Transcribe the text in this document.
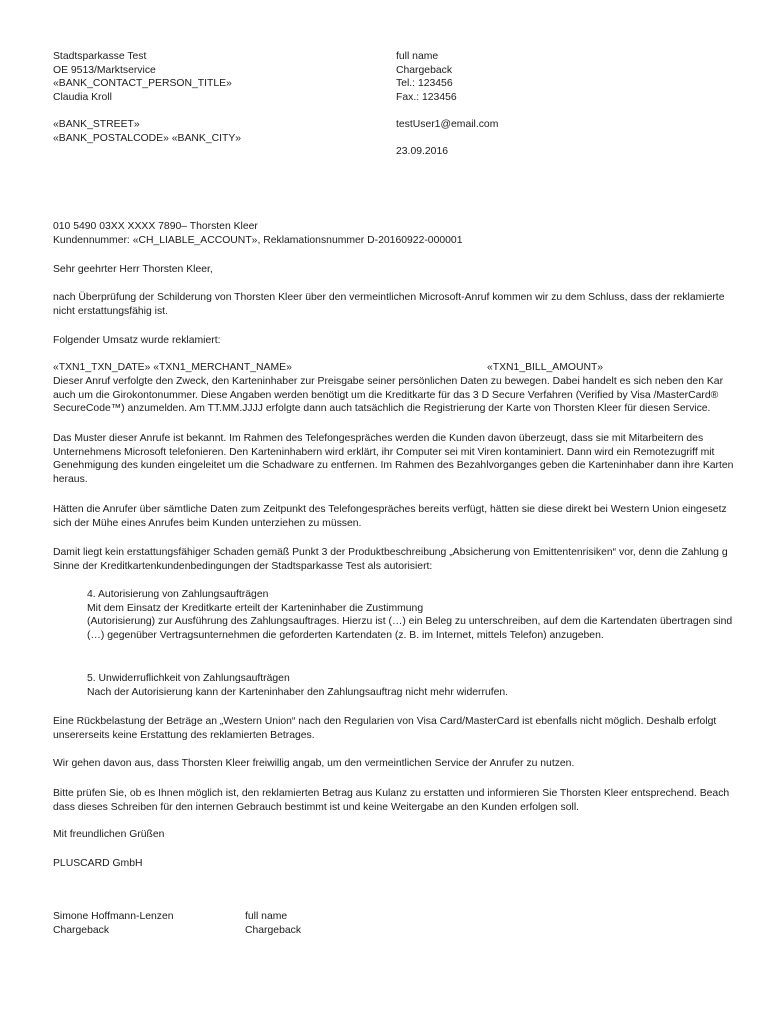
Stadtsparkasse Test
OE 9513/Marktservice
«BANK_CONTACT_PERSON_TITLE»
Claudia Kroll
«BANK_STREET»
«BANK_POSTALCODE» «BANK_CITY»
full name
Chargeback
Tel.: 123456
Fax.: 123456
testUser1@email.com
23.09.2016
010 5490 03XX XXXX 7890– Thorsten Kleer
Kundennummer: «CH_LIABLE_ACCOUNT», Reklamationsnummer D-20160922-000001
Sehr geehrter Herr Thorsten Kleer,
nach Überprüfung der Schilderung von Thorsten Kleer über den vermeintlichen Microsoft-Anruf kommen wir zu dem Schluss, dass der reklamierte
nicht erstattungsfähig ist.
Folgender Umsatz wurde reklamiert:
«TXN1_TXN_DATE» «TXN1_MERCHANT_NAME»	«TXN1_BILL_AMOUNT»
Dieser Anruf verfolgte den Zweck, den Karteninhaber zur Preisgabe seiner persönlichen Daten zu bewegen. Dabei handelt es sich neben den Kar
auch um die Girokontonummer. Diese Angaben werden benötigt um die Kreditkarte für das 3 D Secure Verfahren (Verified by Visa /MasterCard®
SecureCode™) anzumelden. Am TT.MM.JJJJ erfolgte dann auch tatsächlich die Registrierung der Karte von Thorsten Kleer für diesen Service.
Das Muster dieser Anrufe ist bekannt. Im Rahmen des Telefongespräches werden die Kunden davon überzeugt, dass sie mit Mitarbeitern des
Unternehmens Microsoft telefonieren. Den Karteninhabern wird erklärt, ihr Computer sei mit Viren kontaminiert. Dann wird ein Remotezugriff mit
Genehmigung des kunden eingeleitet um die Schadware zu entfernen. Im Rahmen des Bezahlvorganges geben die Karteninhaber dann ihre Karten
heraus.
Hätten die Anrufer über sämtliche Daten zum Zeitpunkt des Telefongespräches bereits verfügt, hätten sie diese direkt bei Western Union eingesetz
sich der Mühe eines Anrufes beim Kunden unterziehen zu müssen.
Damit liegt kein erstattungsfähiger Schaden gemäß Punkt 3 der Produktbeschreibung „Absicherung von Emittentenrisiken“ vor, denn die Zahlung g
Sinne der Kreditkartenkundenbedingungen der Stadtsparkasse Test als autorisiert:
4. Autorisierung von Zahlungsaufträgen
Mit dem Einsatz der Kreditkarte erteilt der Karteninhaber die Zustimmung
(Autorisierung) zur Ausführung des Zahlungsauftrages. Hierzu ist (…) ein Beleg zu unterschreiben, auf dem die Kartendaten übertragen sind
(…) gegenüber Vertragsunternehmen die geforderten Kartendaten (z. B. im Internet, mittels Telefon) anzugeben.
5. Unwiderruflichkeit von Zahlungsaufträgen
Nach der Autorisierung kann der Karteninhaber den Zahlungsauftrag nicht mehr widerrufen.
Eine Rückbelastung der Beträge an „Western Union“ nach den Regularien von Visa Card/MasterCard ist ebenfalls nicht möglich. Deshalb erfolgt
unsererseits keine Erstattung des reklamierten Betrages.
Wir gehen davon aus, dass Thorsten Kleer freiwillig angab, um den vermeintlichen Service der Anrufer zu nutzen.
Bitte prüfen Sie, ob es Ihnen möglich ist, den reklamierten Betrag aus Kulanz zu erstatten und informieren Sie Thorsten Kleer entsprechend. Beach
dass dieses Schreiben für den internen Gebrauch bestimmt ist und keine Weitergabe an den Kunden erfolgen soll.
Mit freundlichen Grüßen
PLUSCARD GmbH
Simone Hoffmann-Lenzen
Chargeback
full name
Chargeback
